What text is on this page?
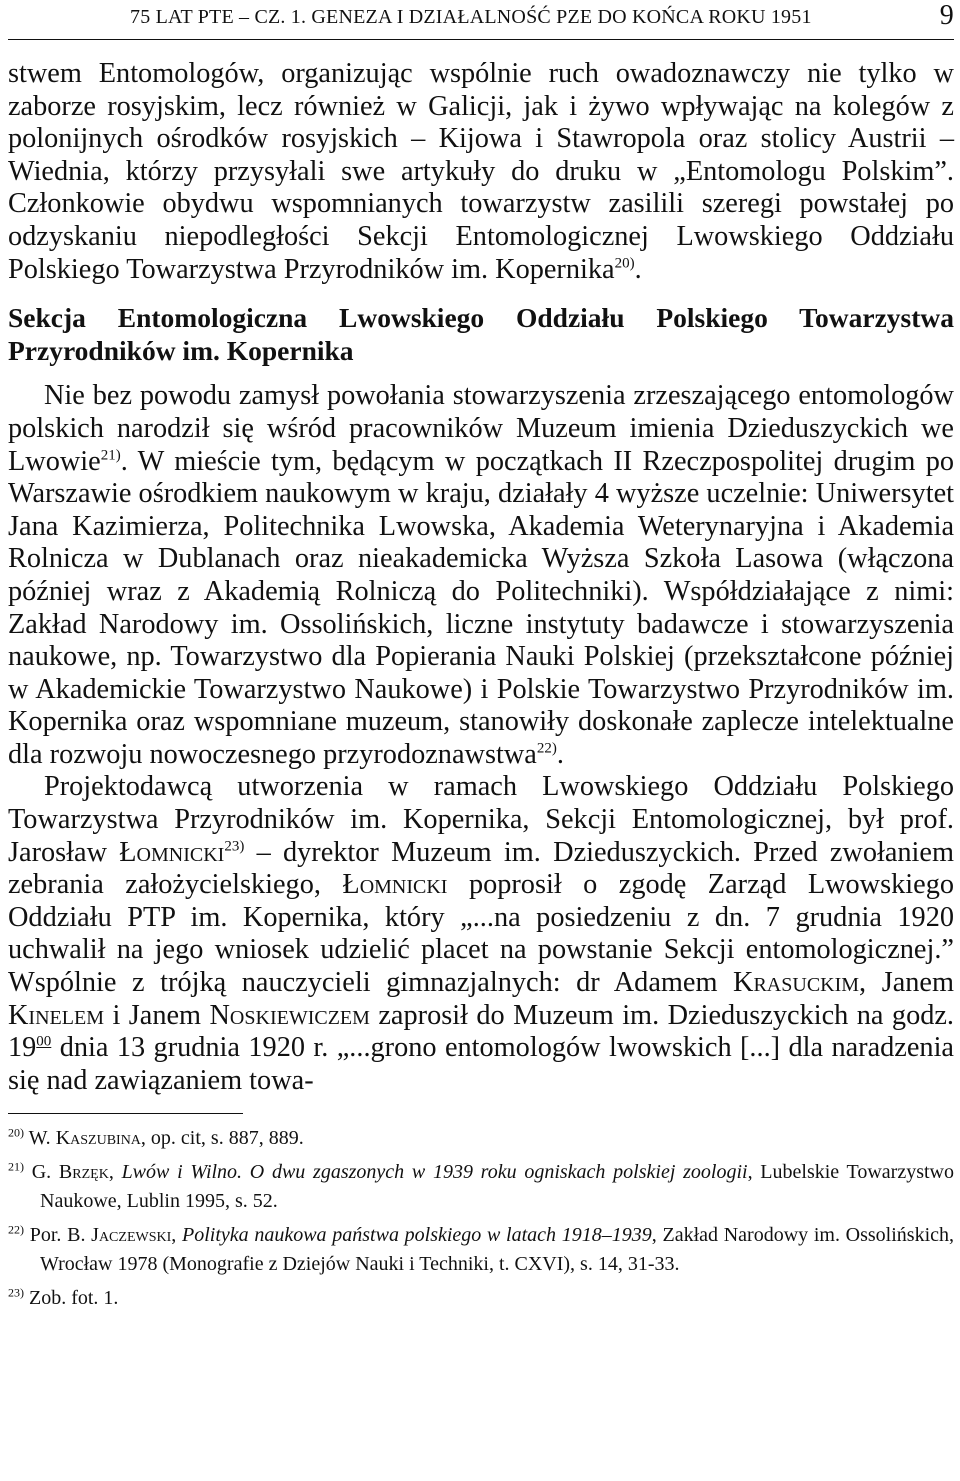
75 LAT PTE – CZ. 1. GENEZA I DZIAŁALNOŚĆ PZE DO KOŃCA ROKU 1951	9

stwem Entomologów, organizując wspólnie ruch owadoznawczy nie tylko w zaborze rosyjskim, lecz również w Galicji, jak i żywo wpływając na kolegów z polonijnych ośrodków rosyjskich – Kijowa i Stawropola oraz stolicy Austrii – Wiednia, którzy przysyłali swe artykuły do druku w „Entomologu Polskim”. Członkowie obydwu wspomnianych towarzystw zasilili szeregi powstałej po odzyskaniu niepodległości Sekcji Entomologicznej Lwowskiego Oddziału Polskiego Towarzystwa Przyrodników im. Kopernika$^{20)}$.

Sekcja Entomologiczna Lwowskiego Oddziału Polskiego Towarzystwa Przyrodników im. Kopernika

Nie bez powodu zamysł powołania stowarzyszenia zrzeszającego entomologów polskich narodził się wśród pracowników Muzeum imienia Dzieduszyckich we Lwowie$^{21)}$. W mieście tym, będącym w początkach II Rzeczpospolitej drugim po Warszawie ośrodkiem naukowym w kraju, działały 4 wyższe uczelnie: Uniwersytet Jana Kazimierza, Politechnika Lwowska, Akademia Weterynaryjna i Akademia Rolnicza w Dublanach oraz nieakademicka Wyższa Szkoła Lasowa (włączona później wraz z Akademią Rolniczą do Politechniki). Współdziałające z nimi: Zakład Narodowy im. Ossolińskich, liczne instytuty badawcze i stowarzyszenia naukowe, np. Towarzystwo dla Popierania Nauki Polskiej (przekształcone później w Akademickie Towarzystwo Naukowe) i Polskie Towarzystwo Przyrodników im. Kopernika oraz wspomniane muzeum, stanowiły doskonałe zaplecze intelektualne dla rozwoju nowoczesnego przyrodoznawstwa$^{22)}$.

Projektodawcą utworzenia w ramach Lwowskiego Oddziału Polskiego Towarzystwa Przyrodników im. Kopernika, Sekcji Entomologicznej, był prof. Jarosław Łomnicki$^{23)}$ – dyrektor Muzeum im. Dzieduszyckich. Przed zwołaniem zebrania założycielskiego, Łomnicki poprosił o zgodę Zarząd Lwowskiego Oddziału PTP im. Kopernika, który „...na posiedzeniu z dn. 7 grudnia 1920 uchwalił na jego wniosek udzielić placet na powstanie Sekcji entomologicznej.” Wspólnie z trójką nauczycieli gimnazjalnych: dr Adamem Krasuckim, Janem Kinelem i Janem Noskiewiczem zaprosił do Muzeum im. Dzieduszyckich na godz. $19^{00}$ dnia 13 grudnia 1920 r. „...grono entomologów lwowskich [...] dla naradzenia się nad zawiązaniem towa-

$^{20)}$ W. Kaszubina, op. cit, s. 887, 889.

$^{21)}$ G. Brzęk, Lwów i Wilno. O dwu zgaszonych w 1939 roku ogniskach polskiej zoologii, Lubelskie Towarzystwo Naukowe, Lublin 1995, s. 52.

$^{22)}$ Por. B. Jaczewski, Polityka naukowa państwa polskiego w latach 1918–1939, Zakład Narodowy im. Ossolińskich, Wrocław 1978 (Monografie z Dziejów Nauki i Techniki, t. CXVI), s. 14, 31-33.

$^{23)}$ Zob. fot. 1.
